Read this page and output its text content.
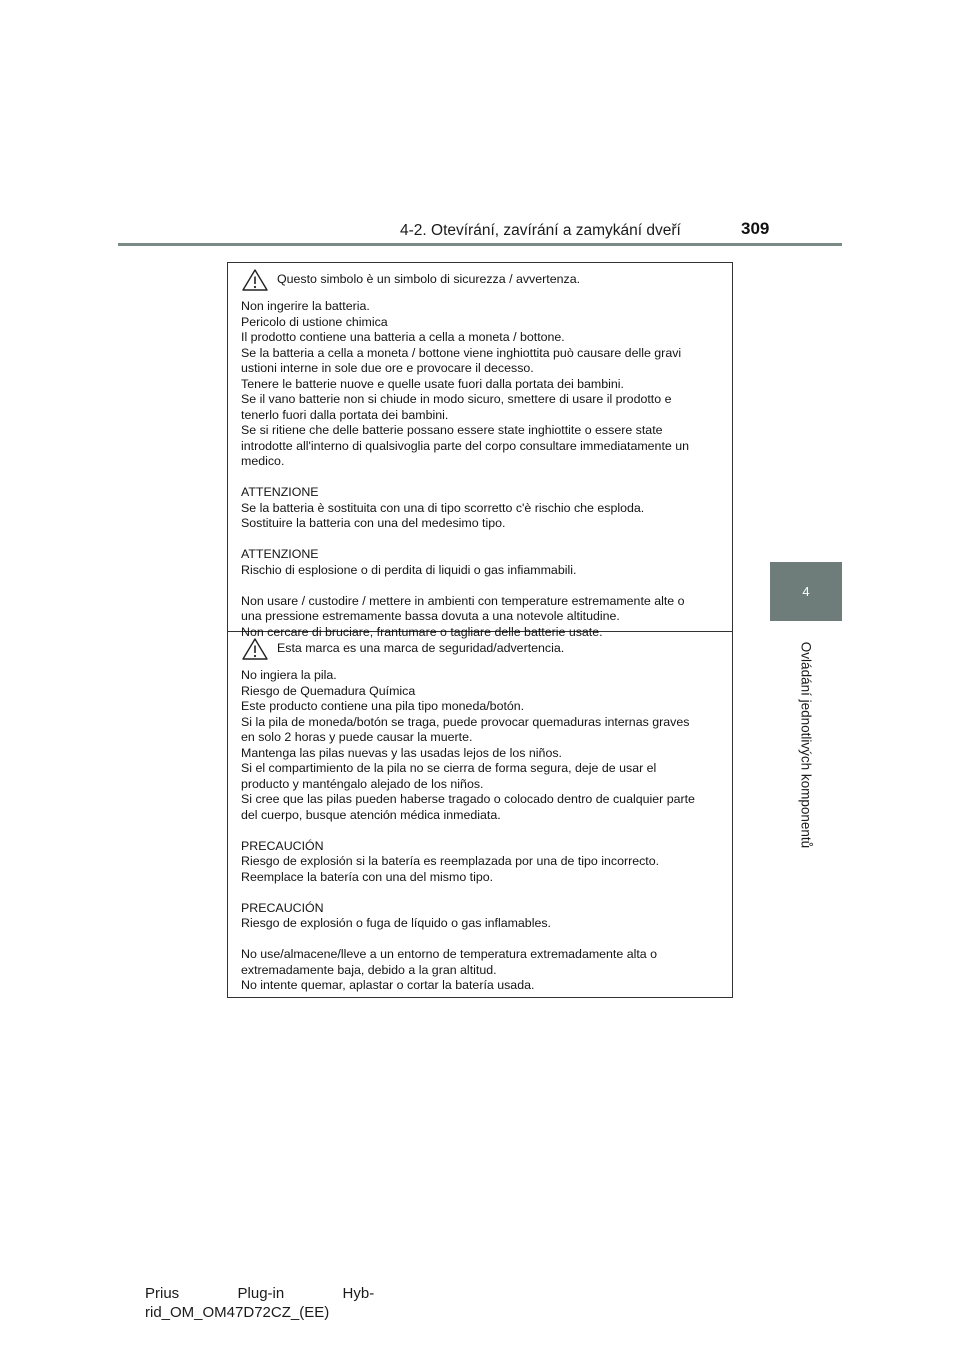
4-2. Otevírání, zavírání a zamykání dveří	309
4
Ovládání jednotlivých komponentů
Questo simbolo è un simbolo di sicurezza / avvertenza.
Non ingerire la batteria.
Pericolo di ustione chimica
Il prodotto contiene una batteria a cella a moneta / bottone.
Se la batteria a cella a moneta / bottone viene inghiottita può causare delle gravi
ustioni interne in sole due ore e provocare il decesso.
Tenere le batterie nuove e quelle usate fuori dalla portata dei bambini.
Se il vano batterie non si chiude in modo sicuro, smettere di usare il prodotto e
tenerlo fuori dalla portata dei bambini.
Se si ritiene che delle batterie possano essere state inghiottite o essere state
introdotte all'interno di qualsivoglia parte del corpo consultare immediatamente un
medico.
ATTENZIONE
Se la batteria è sostituita con una di tipo scorretto c'è rischio che esploda.
Sostituire la batteria con una del medesimo tipo.
ATTENZIONE
Rischio di esplosione o di perdita di liquidi o gas infiammabili.
Non usare / custodire / mettere in ambienti con temperature estremamente alte o
una pressione estremamente bassa dovuta a una notevole altitudine.
Non cercare di bruciare, frantumare o tagliare delle batterie usate.
Esta marca es una marca de seguridad/advertencia.
No ingiera la pila.
Riesgo de Quemadura Química
Este producto contiene una pila tipo moneda/botón.
Si la pila de moneda/botón se traga, puede provocar quemaduras internas graves
en solo 2 horas y puede causar la muerte.
Mantenga las pilas nuevas y las usadas lejos de los niños.
Si el compartimiento de la pila no se cierra de forma segura, deje de usar el
producto y manténgalo alejado de los niños.
Si cree que las pilas pueden haberse tragado o colocado dentro de cualquier parte
del cuerpo, busque atención médica inmediata.
PRECAUCIÓN
Riesgo de explosión si la batería es reemplazada por una de tipo incorrecto.
Reemplace la batería con una del mismo tipo.
PRECAUCIÓN
Riesgo de explosión o fuga de líquido o gas inflamables.
No use/almacene/lleve a un entorno de temperatura extremadamente alta o
extremadamente baja, debido a la gran altitud.
No intente quemar, aplastar o cortar la batería usada.
Prius              Plug-in              Hyb-
rid_OM_OM47D72CZ_(EE)
